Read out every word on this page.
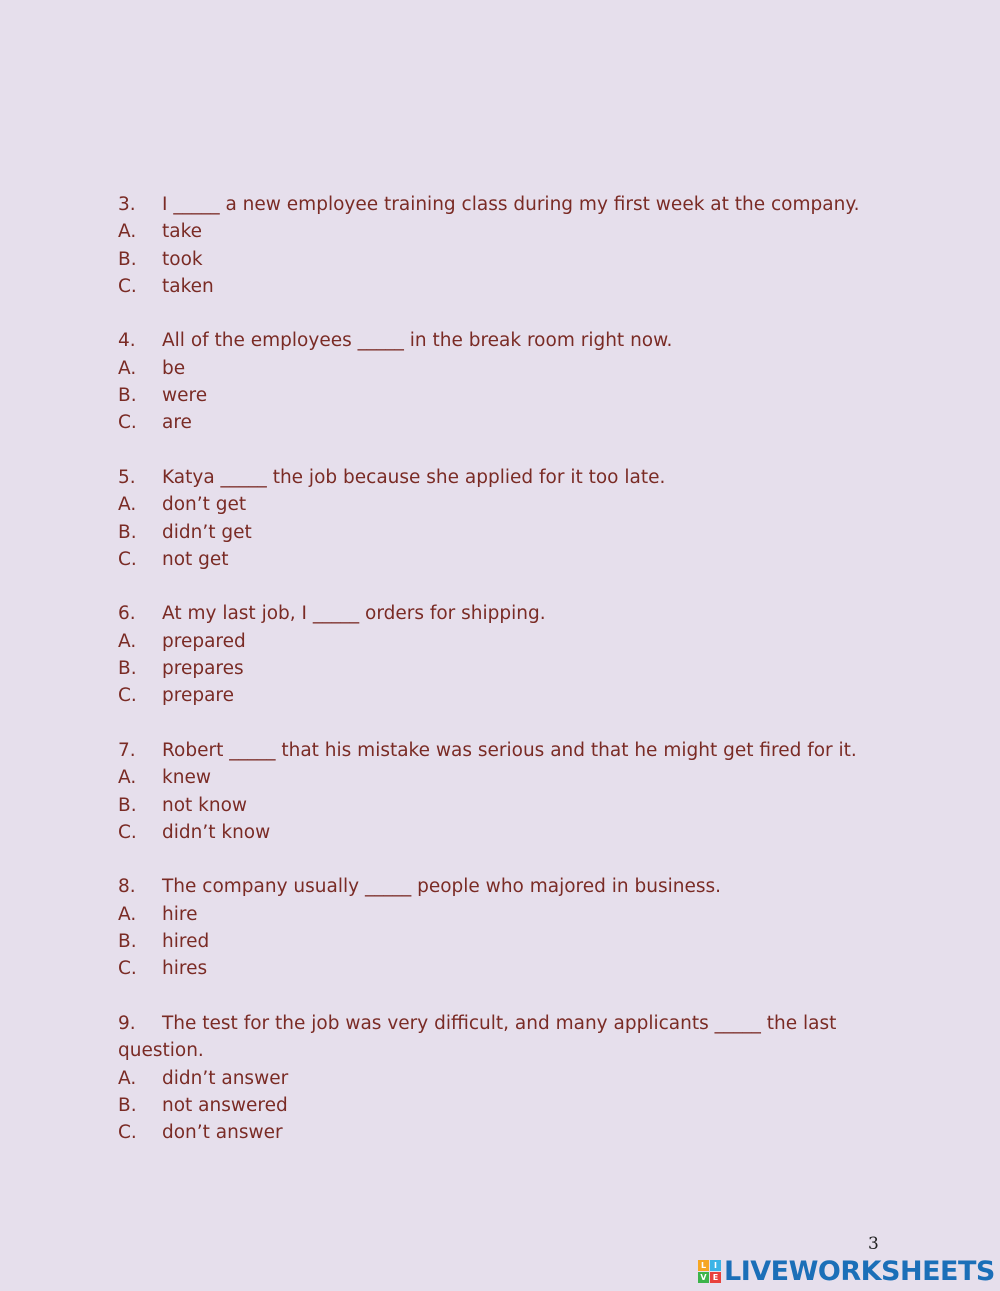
3.	I _____ a new employee training class during my first week at the company.
A.	take
B.	took
C.	taken
4.	All of the employees _____ in the break room right now.
A.	be
B.	were
C.	are
5.	Katya _____ the job because she applied for it too late.
A.	don’t get
B.	didn’t get
C.	not get
6.	At my last job, I _____ orders for shipping.
A.	prepared
B.	prepares
C.	prepare
7.	Robert _____ that his mistake was serious and that he might get fired for it.
A.	knew
B.	not know
C.	didn’t know
8.	The company usually _____ people who majored in business.
A.	hire
B.	hired
C.	hires
9. The test for the job was very difficult, and many applicants _____ the last question.
A.	didn’t answer
B.	not answered
C.	don’t answer
3
L I
V E LIVEWORKSHEETS
